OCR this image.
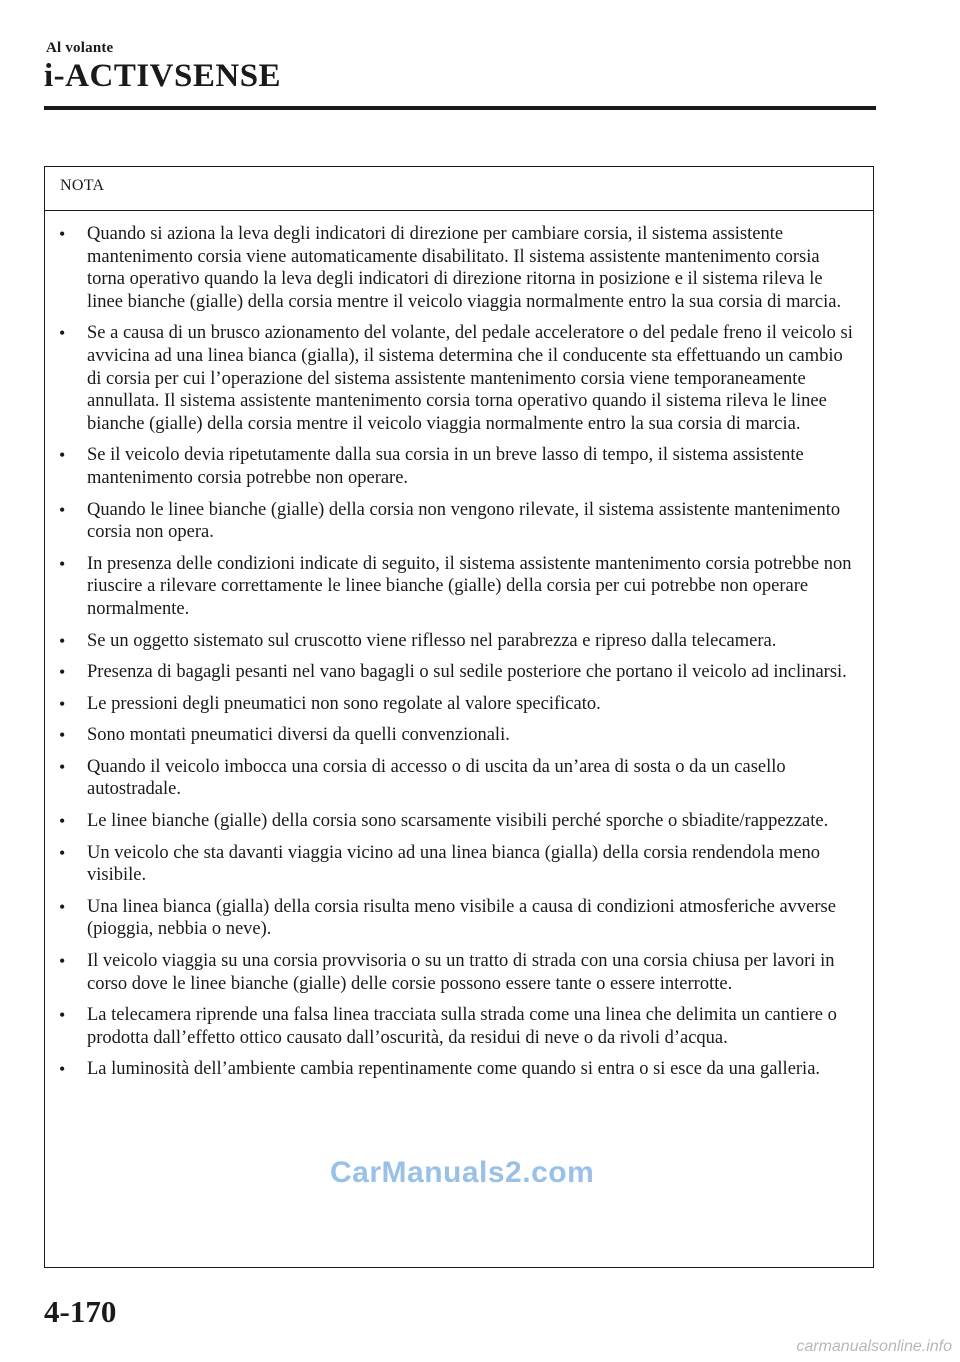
Al volante
i-ACTIVSENSE
NOTA
•	Quando si aziona la leva degli indicatori di direzione per cambiare corsia, il sistema assistente mantenimento corsia viene automaticamente disabilitato. Il sistema assistente mantenimento corsia torna operativo quando la leva degli indicatori di direzione ritorna in posizione e il sistema rileva le linee bianche (gialle) della corsia mentre il veicolo viaggia normalmente entro la sua corsia di marcia.
•	Se a causa di un brusco azionamento del volante, del pedale acceleratore o del pedale freno il veicolo si avvicina ad una linea bianca (gialla), il sistema determina che il conducente sta effettuando un cambio di corsia per cui l’operazione del sistema assistente mantenimento corsia viene temporaneamente annullata. Il sistema assistente mantenimento corsia torna operativo quando il sistema rileva le linee bianche (gialle) della corsia mentre il veicolo viaggia normalmente entro la sua corsia di marcia.
•	Se il veicolo devia ripetutamente dalla sua corsia in un breve lasso di tempo, il sistema assistente mantenimento corsia potrebbe non operare.
•	Quando le linee bianche (gialle) della corsia non vengono rilevate, il sistema assistente mantenimento corsia non opera.
•	In presenza delle condizioni indicate di seguito, il sistema assistente mantenimento corsia potrebbe non riuscire a rilevare correttamente le linee bianche (gialle) della corsia per cui potrebbe non operare normalmente.
•	Se un oggetto sistemato sul cruscotto viene riflesso nel parabrezza e ripreso dalla telecamera.
•	Presenza di bagagli pesanti nel vano bagagli o sul sedile posteriore che portano il veicolo ad inclinarsi.
•	Le pressioni degli pneumatici non sono regolate al valore specificato.
•	Sono montati pneumatici diversi da quelli convenzionali.
•	Quando il veicolo imbocca una corsia di accesso o di uscita da un’area di sosta o da un casello autostradale.
•	Le linee bianche (gialle) della corsia sono scarsamente visibili perché sporche o sbiadite/rappezzate.
•	Un veicolo che sta davanti viaggia vicino ad una linea bianca (gialla) della corsia rendendola meno visibile.
•	Una linea bianca (gialla) della corsia risulta meno visibile a causa di condizioni atmosferiche avverse (pioggia, nebbia o neve).
•	Il veicolo viaggia su una corsia provvisoria o su un tratto di strada con una corsia chiusa per lavori in corso dove le linee bianche (gialle) delle corsie possono essere tante o essere interrotte.
•	La telecamera riprende una falsa linea tracciata sulla strada come una linea che delimita un cantiere o prodotta dall’effetto ottico causato dall’oscurità, da residui di neve o da rivoli d’acqua.
•	La luminosità dell’ambiente cambia repentinamente come quando si entra o si esce da una galleria.
CarManuals2.com
4-170
carmanualsonline.info
